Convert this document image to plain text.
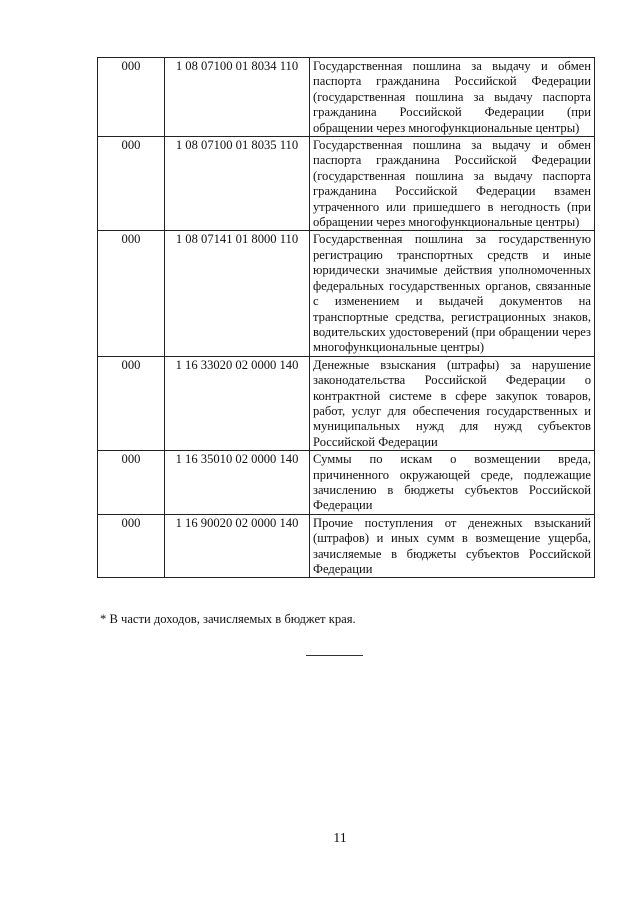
000	1 08 07100 01 8034 110	Государственная пошлина за выдачу и обмен паспорта гражданина Российской Федерации (государственная пошлина за выдачу паспорта гражданина Российской Федерации (при обращении через многофункциональные центры)
000	1 08 07100 01 8035 110	Государственная пошлина за выдачу и обмен паспорта гражданина Российской Федерации (государственная пошлина за выдачу паспорта гражданина Российской Федерации взамен утраченного или пришедшего в негодность (при обращении через многофункциональные центры)
000	1 08 07141 01 8000 110	Государственная пошлина за государственную регистрацию транспортных средств и иные юридически значимые действия уполномоченных федеральных государственных органов, связанные с изменением и выдачей документов на транспортные средства, регистрационных знаков, водительских удостоверений (при обращении через многофункциональные центры)
000	1 16 33020 02 0000 140	Денежные взыскания (штрафы) за нарушение законодательства Российской Федерации о контрактной системе в сфере закупок товаров, работ, услуг для обеспечения государственных и муниципальных нужд для нужд субъектов Российской Федерации
000	1 16 35010 02 0000 140	Суммы по искам о возмещении вреда, причиненного окружающей среде, подлежащие зачислению в бюджеты субъектов Российской Федерации
000	1 16 90020 02 0000 140	Прочие поступления от денежных взысканий (штрафов) и иных сумм в возмещение ущерба, зачисляемые в бюджеты субъектов Российской Федерации
* В части доходов, зачисляемых в бюджет края.
11
